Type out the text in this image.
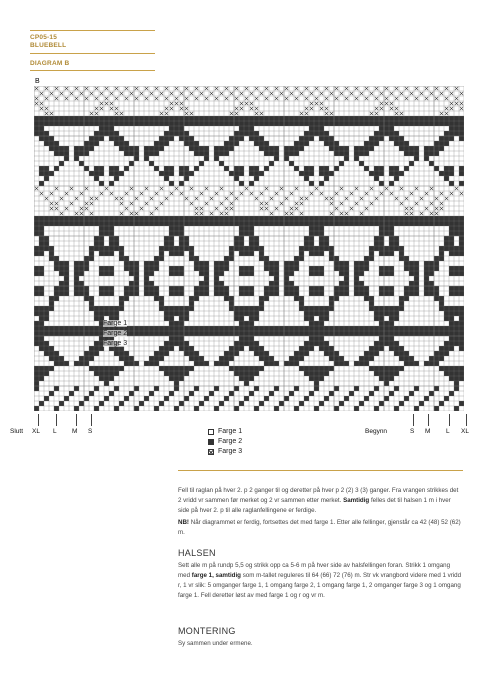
CP05-15
BLUEBELL
DIAGRAM B
B
Farge 1
Farge 2
Farge 3
Slutt XL L M S	Begynn	S M L XL
Farge 1
Farge 2
Farge 3
Fell til raglan på hver 2. p 2 ganger til og deretter på hver p 2 (2) 3 (3) ganger. Fra vrangen strikkes det 2 vridd vr sammen før merket og 2 vr sammen etter merket. Samtidig felles det til halsen 1 m i hver side på hver 2. p til alle raglanfellingene er ferdige.
NB! Når diagrammet er ferdig, fortsettes det med farge 1. Etter alle fellinger, gjenstår ca 42 (48) 52 (62) m.
HALSEN
Sett alle m på rundp 5,5 og strikk opp ca 5-6 m på hver side av halsfellingen foran. Strikk 1 omgang med farge 1, samtidig som m-tallet reguleres til 64 (66) 72 (76) m. Str vk vrangbord videre med 1 vridd r, 1 vr slik: 5 omganger farge 1, 1 omgang farge 2, 1 omgang farge 1, 2 omganger farge 3 og 1 omgang farge 1. Fell deretter løst av med farge 1 og r og vr m.
MONTERING
Sy sammen under ermene.
